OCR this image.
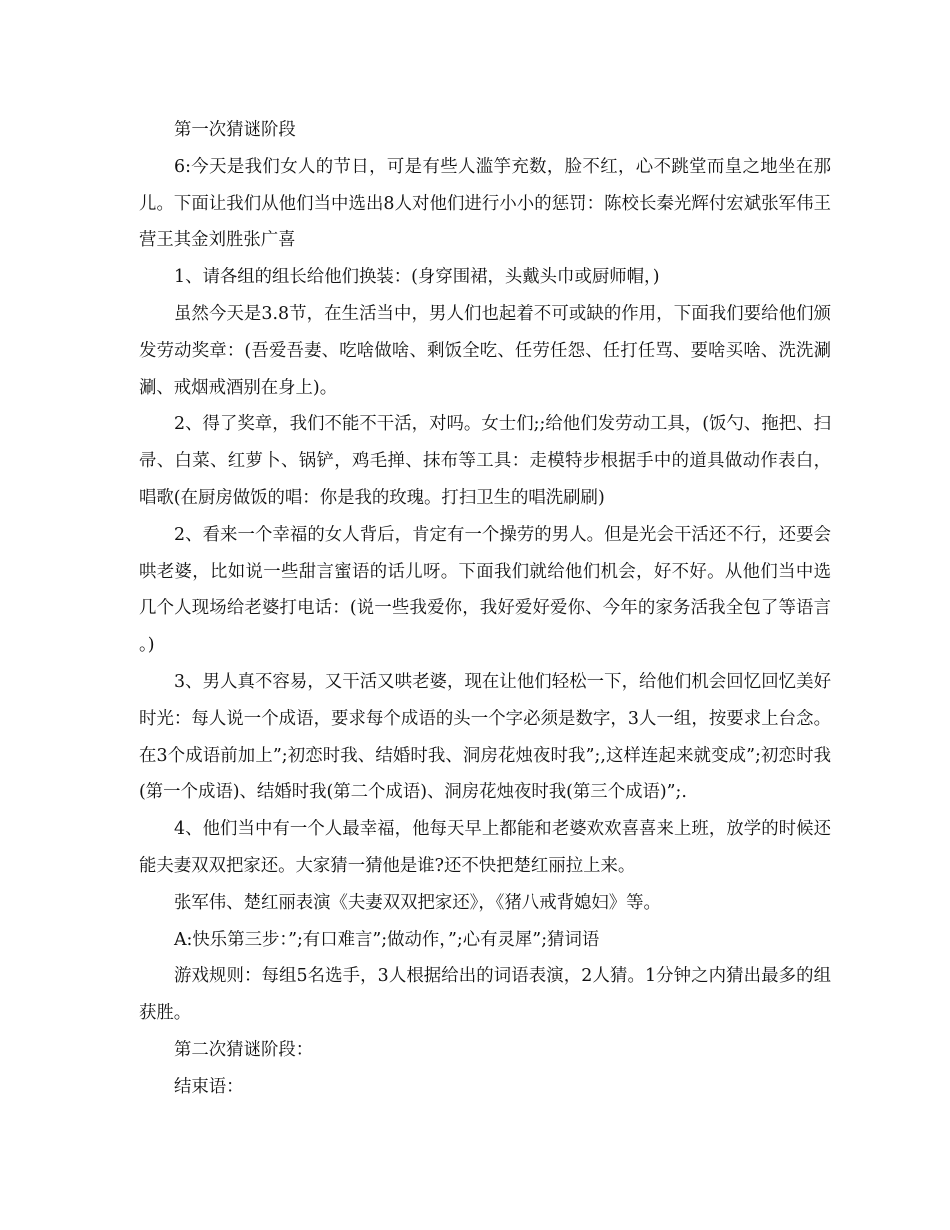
第一次猜谜阶段

6:今天是我们女人的节日，可是有些人滥竽充数，脸不红，心不跳堂而皇之地坐在那儿。下面让我们从他们当中选出8人对他们进行小小的惩罚：陈校长秦光辉付宏斌张军伟王营王其金刘胜张广喜

1、请各组的组长给他们换装：(身穿围裙，头戴头巾或厨师帽，)

虽然今天是3.8节，在生活当中，男人们也起着不可或缺的作用，下面我们要给他们颁发劳动奖章：(吾爱吾妻、吃啥做啥、剩饭全吃、任劳任怨、任打任骂、要啥买啥、洗洗涮涮、戒烟戒酒别在身上)。

2、得了奖章，我们不能不干活，对吗。女士们;;给他们发劳动工具，(饭勺、拖把、扫帚、白菜、红萝卜、锅铲，鸡毛掸、抹布等工具：走模特步根据手中的道具做动作表白，唱歌(在厨房做饭的唱：你是我的玫瑰。打扫卫生的唱洗刷刷)

2、看来一个幸福的女人背后，肯定有一个操劳的男人。但是光会干活还不行，还要会哄老婆，比如说一些甜言蜜语的话儿呀。下面我们就给他们机会，好不好。从他们当中选几个人现场给老婆打电话：(说一些我爱你，我好爱好爱你、今年的家务活我全包了等语言。)

3、男人真不容易，又干活又哄老婆，现在让他们轻松一下，给他们机会回忆回忆美好时光：每人说一个成语，要求每个成语的头一个字必须是数字，3人一组，按要求上台念。在3个成语前加上”;初恋时我、结婚时我、洞房花烛夜时我”;,这样连起来就变成”;初恋时我(第一个成语)、结婚时我(第二个成语)、洞房花烛夜时我(第三个成语)”;.

4、他们当中有一个人最幸福，他每天早上都能和老婆欢欢喜喜来上班，放学的时候还能夫妻双双把家还。大家猜一猜他是谁?还不快把楚红丽拉上来。

张军伟、楚红丽表演《夫妻双双把家还》，《猪八戒背媳妇》等。

A:快乐第三步：”;有口难言”;做动作，”;心有灵犀”;猜词语

游戏规则：每组5名选手，3人根据给出的词语表演，2人猜。1分钟之内猜出最多的组获胜。

第二次猜谜阶段：

结束语：
